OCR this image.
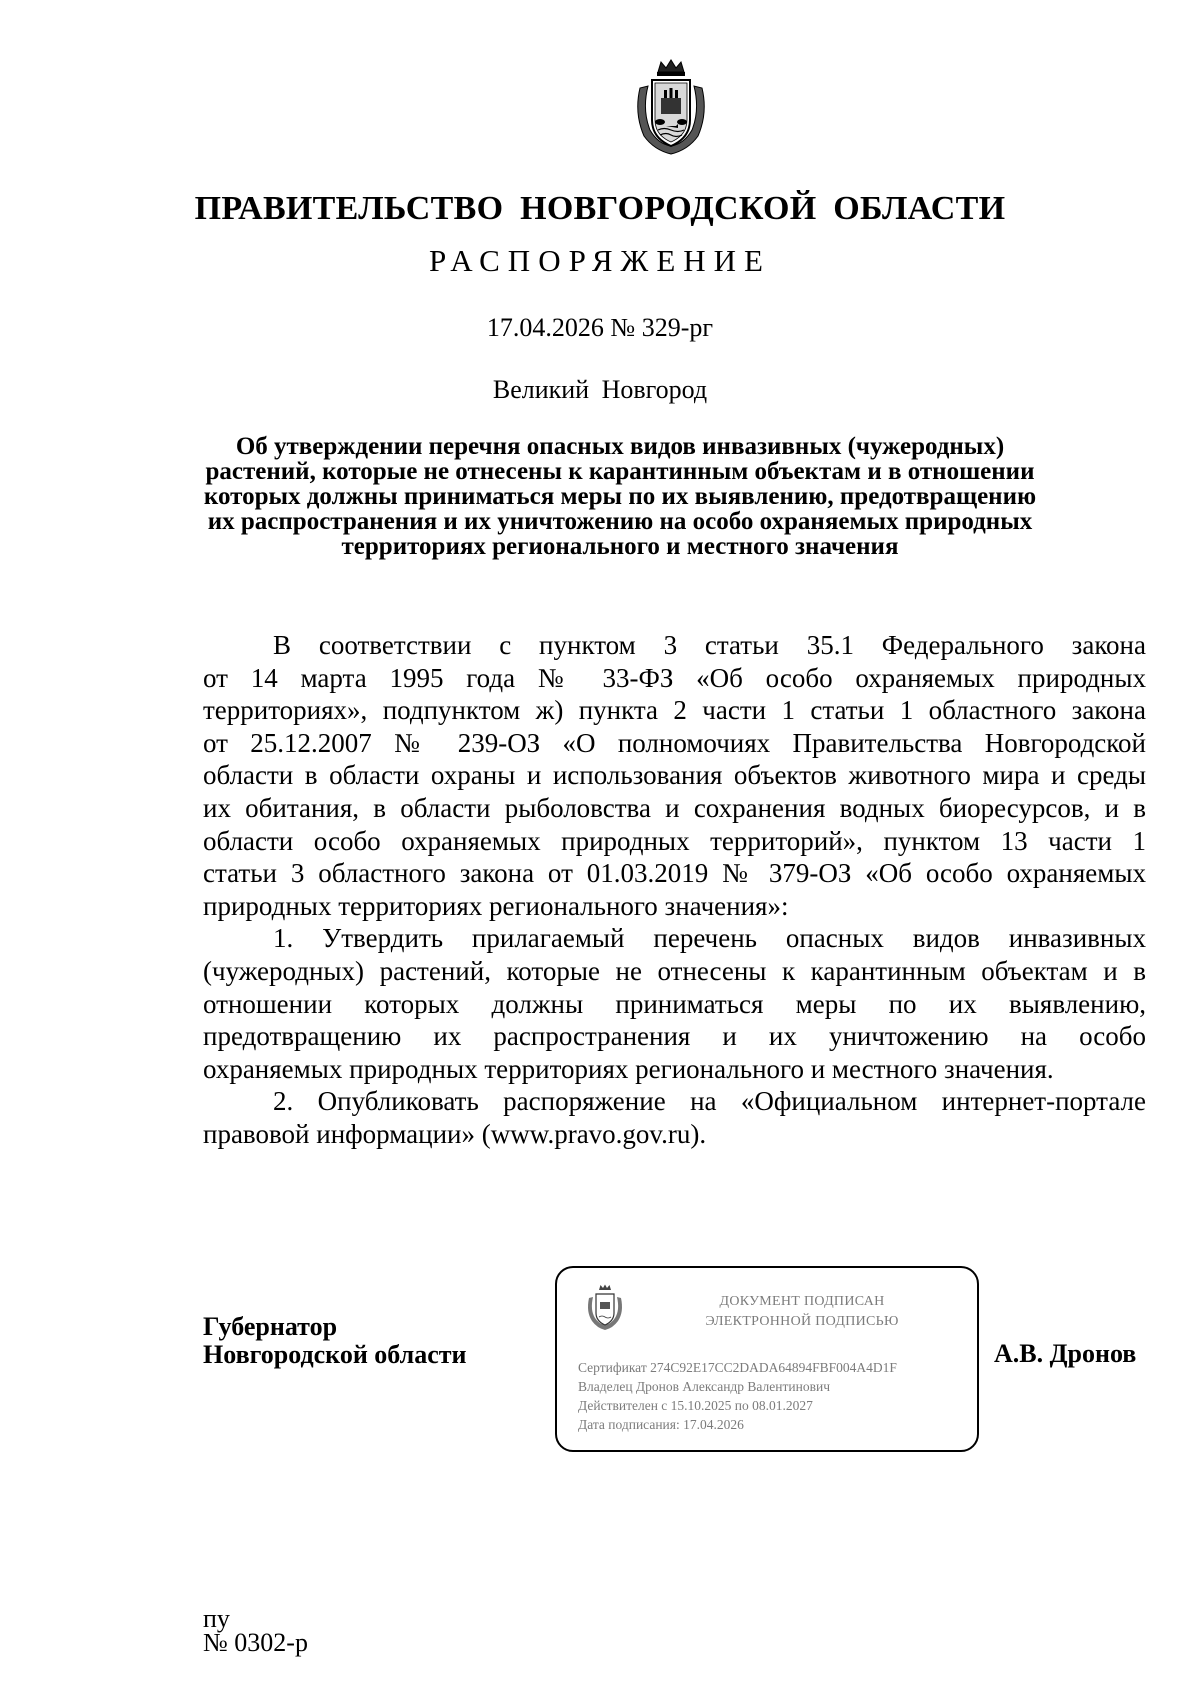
ПРАВИТЕЛЬСТВО НОВГОРОДСКОЙ ОБЛАСТИ
РАСПОРЯЖЕНИЕ
17.04.2026 № 329-рг
Великий Новгород
Об утверждении перечня опасных видов инвазивных (чужеродных)
растений, которые не отнесены к карантинным объектам и в отношении
которых должны приниматься меры по их выявлению, предотвращению
их распространения и их уничтожению на особо охраняемых природных
территориях регионального и местного значения
В соответствии с пунктом 3 статьи 35.1 Федерального закона
от 14 марта 1995 года № 33-ФЗ «Об особо охраняемых природных
территориях», подпунктом ж) пункта 2 части 1 статьи 1 областного закона
от 25.12.2007 № 239-ОЗ «О полномочиях Правительства Новгородской
области в области охраны и использования объектов животного мира и среды
их обитания, в области рыболовства и сохранения водных биоресурсов, и в
области особо охраняемых природных территорий», пунктом 13 части 1
статьи 3 областного закона от 01.03.2019 № 379-ОЗ «Об особо охраняемых
природных территориях регионального значения»:
1. Утвердить прилагаемый перечень опасных видов инвазивных
(чужеродных) растений, которые не отнесены к карантинным объектам и в
отношении которых должны приниматься меры по их выявлению,
предотвращению их распространения и их уничтожению на особо
охраняемых природных территориях регионального и местного значения.
2. Опубликовать распоряжение на «Официальном интернет-портале
правовой информации» (www.pravo.gov.ru).
Губернатор
Новгородской области
ДОКУМЕНТ ПОДПИСАН
ЭЛЕКТРОННОЙ ПОДПИСЬЮ
Сертификат 274C92E17CC2DADA64894FBF004A4D1F
Владелец Дронов Александр Валентинович
Действителен с 15.10.2025 по 08.01.2027
Дата подписания: 17.04.2026
А.В. Дронов
пу
№ 0302-р
